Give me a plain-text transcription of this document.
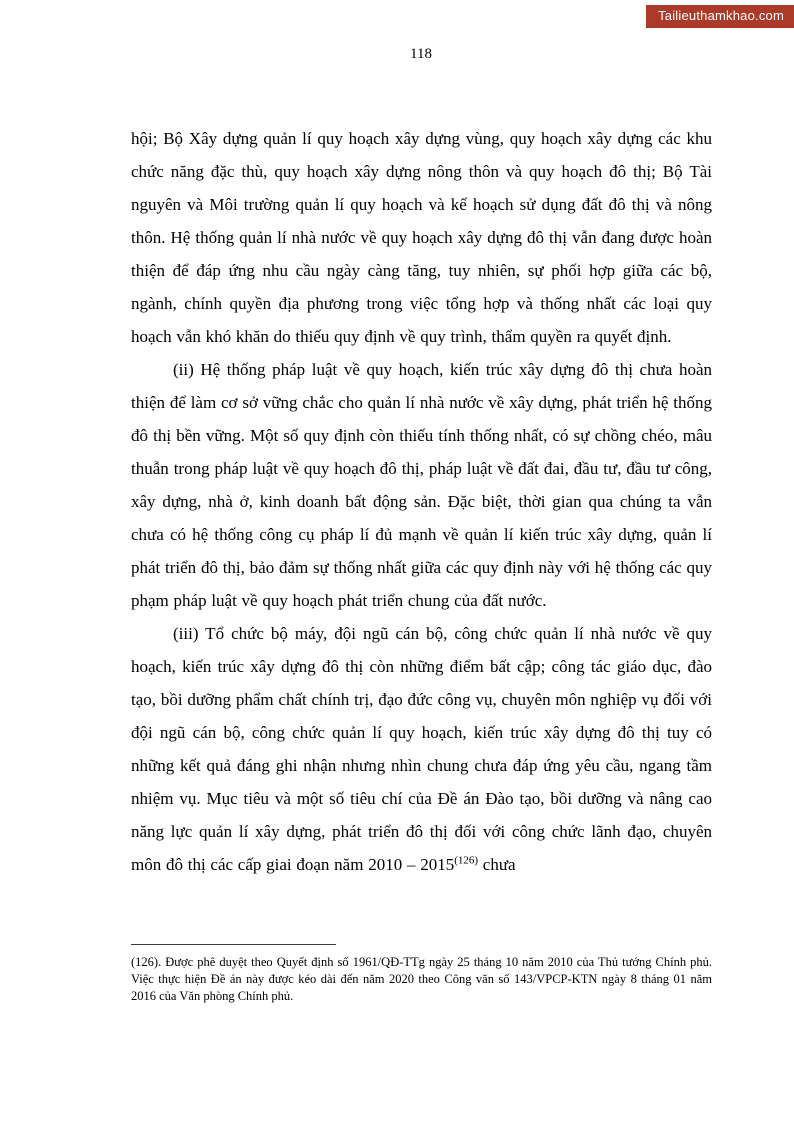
Tailieuthamkhao.com
118

hội; Bộ Xây dựng quản lí quy hoạch xây dựng vùng, quy hoạch xây dựng các khu chức năng đặc thù, quy hoạch xây dựng nông thôn và quy hoạch đô thị; Bộ Tài nguyên và Môi trường quản lí quy hoạch và kế hoạch sử dụng đất đô thị và nông thôn. Hệ thống quản lí nhà nước về quy hoạch xây dựng đô thị vẫn đang được hoàn thiện để đáp ứng nhu cầu ngày càng tăng, tuy nhiên, sự phối hợp giữa các bộ, ngành, chính quyền địa phương trong việc tổng hợp và thống nhất các loại quy hoạch vẫn khó khăn do thiếu quy định về quy trình, thẩm quyền ra quyết định.

(ii) Hệ thống pháp luật về quy hoạch, kiến trúc xây dựng đô thị chưa hoàn thiện để làm cơ sở vững chắc cho quản lí nhà nước về xây dựng, phát triển hệ thống đô thị bền vững. Một số quy định còn thiếu tính thống nhất, có sự chồng chéo, mâu thuẫn trong pháp luật về quy hoạch đô thị, pháp luật về đất đai, đầu tư, đầu tư công, xây dựng, nhà ở, kinh doanh bất động sản. Đặc biệt, thời gian qua chúng ta vẫn chưa có hệ thống công cụ pháp lí đủ mạnh về quản lí kiến trúc xây dựng, quản lí phát triển đô thị, bảo đảm sự thống nhất giữa các quy định này với hệ thống các quy phạm pháp luật về quy hoạch phát triển chung của đất nước.

(iii) Tổ chức bộ máy, đội ngũ cán bộ, công chức quản lí nhà nước về quy hoạch, kiến trúc xây dựng đô thị còn những điểm bất cập; công tác giáo dục, đào tạo, bồi dưỡng phẩm chất chính trị, đạo đức công vụ, chuyên môn nghiệp vụ đối với đội ngũ cán bộ, công chức quản lí quy hoạch, kiến trúc xây dựng đô thị tuy có những kết quả đáng ghi nhận nhưng nhìn chung chưa đáp ứng yêu cầu, ngang tầm nhiệm vụ. Mục tiêu và một số tiêu chí của Đề án Đào tạo, bồi dưỡng và nâng cao năng lực quản lí xây dựng, phát triển đô thị đối với công chức lãnh đạo, chuyên môn đô thị các cấp giai đoạn năm 2010 – 2015$^{(126)}$ chưa

(126). Được phê duyệt theo Quyết định số 1961/QĐ-TTg ngày 25 tháng 10 năm 2010 của Thủ tướng Chính phủ. Việc thực hiện Đề án này được kéo dài đến năm 2020 theo Công văn số 143/VPCP-KTN ngày 8 tháng 01 năm 2016 của Văn phòng Chính phủ.
